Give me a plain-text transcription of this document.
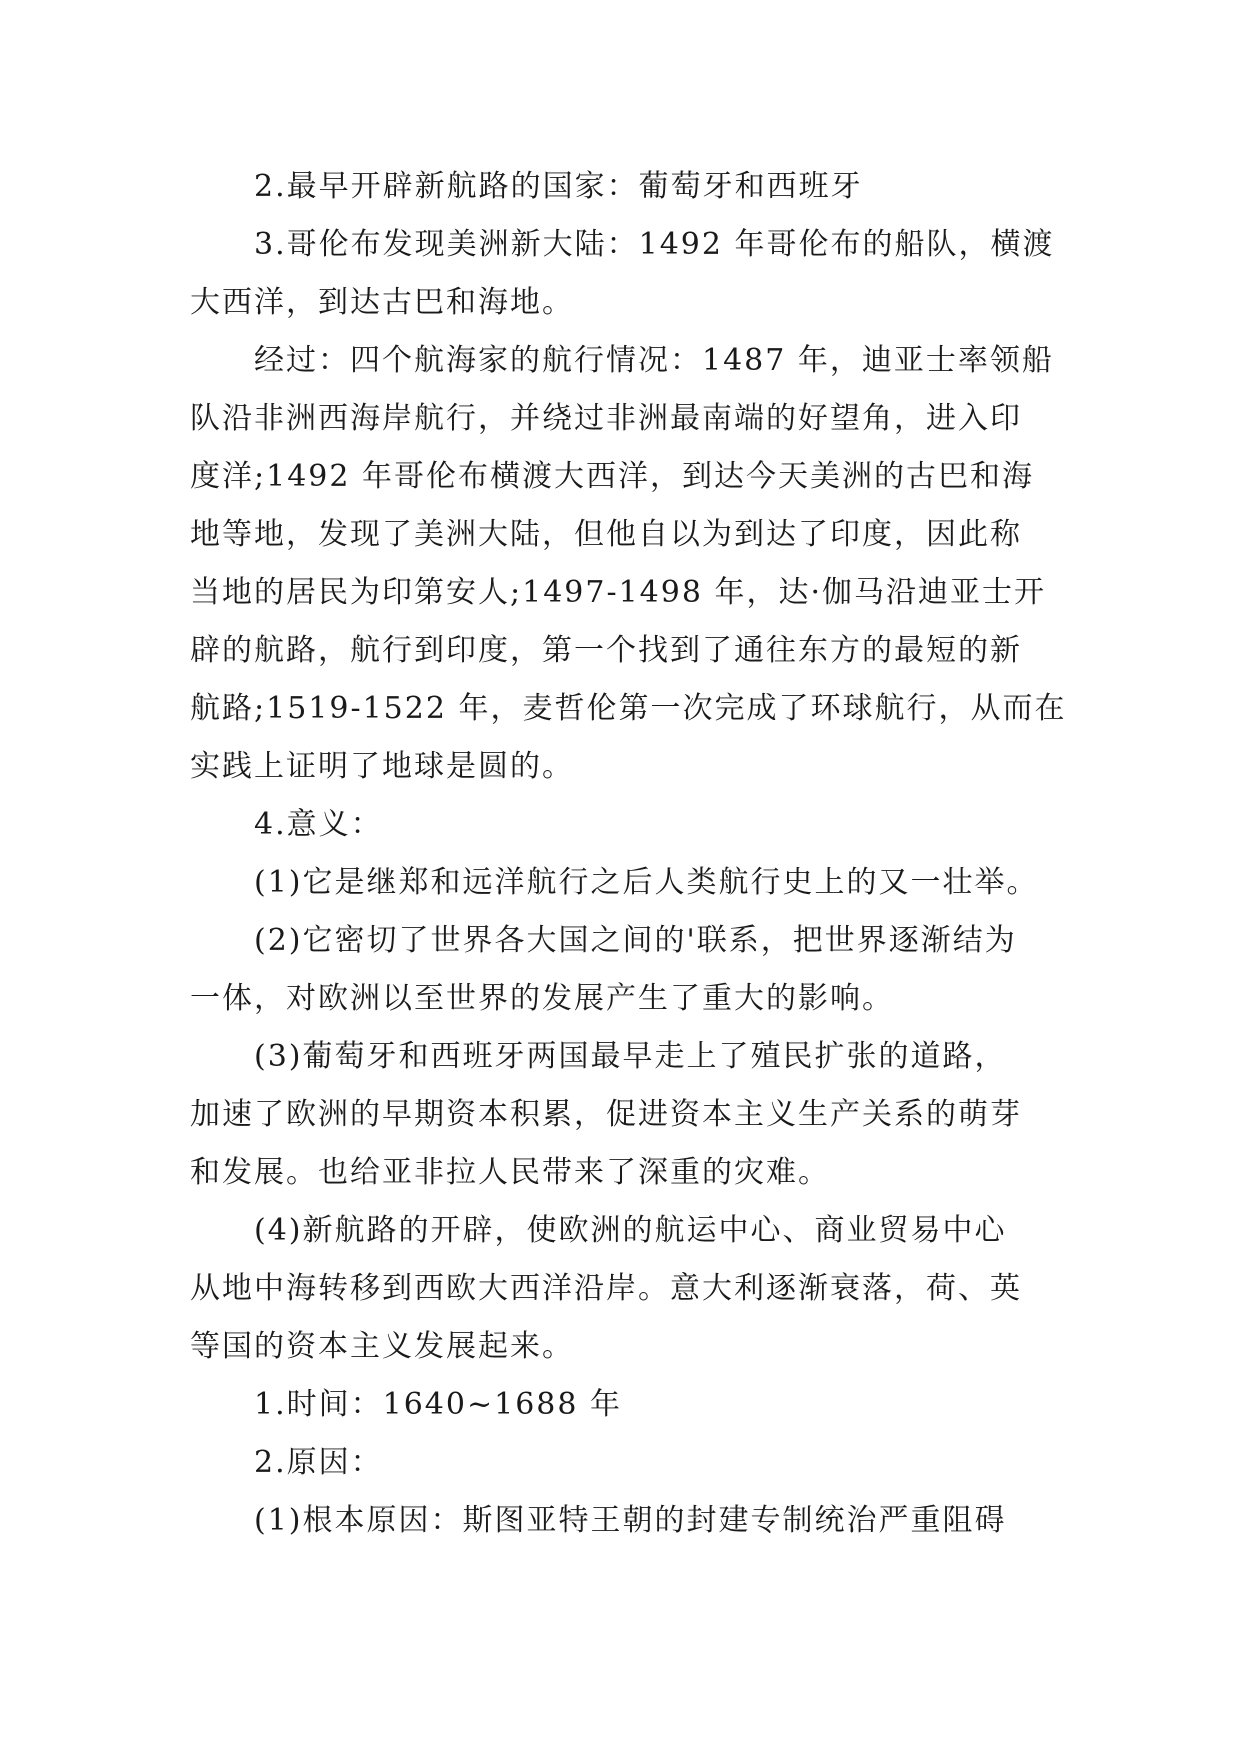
2.最早开辟新航路的国家：葡萄牙和西班牙
3.哥伦布发现美洲新大陆：1492 年哥伦布的船队，横渡
大西洋，到达古巴和海地。
经过：四个航海家的航行情况：1487 年，迪亚士率领船
队沿非洲西海岸航行，并绕过非洲最南端的好望角，进入印
度洋;1492 年哥伦布横渡大西洋，到达今天美洲的古巴和海
地等地，发现了美洲大陆，但他自以为到达了印度，因此称
当地的居民为印第安人;1497-1498 年，达·伽马沿迪亚士开
辟的航路，航行到印度，第一个找到了通往东方的最短的新
航路;1519-1522 年，麦哲伦第一次完成了环球航行，从而在
实践上证明了地球是圆的。
4.意义：
(1)它是继郑和远洋航行之后人类航行史上的又一壮举。
(2)它密切了世界各大国之间的'联系，把世界逐渐结为
一体，对欧洲以至世界的发展产生了重大的影响。
(3)葡萄牙和西班牙两国最早走上了殖民扩张的道路，
加速了欧洲的早期资本积累，促进资本主义生产关系的萌芽
和发展。也给亚非拉人民带来了深重的灾难。
(4)新航路的开辟，使欧洲的航运中心、商业贸易中心
从地中海转移到西欧大西洋沿岸。意大利逐渐衰落，荷、英
等国的资本主义发展起来。
1.时间：1640~1688 年
2.原因：
(1)根本原因：斯图亚特王朝的封建专制统治严重阻碍
